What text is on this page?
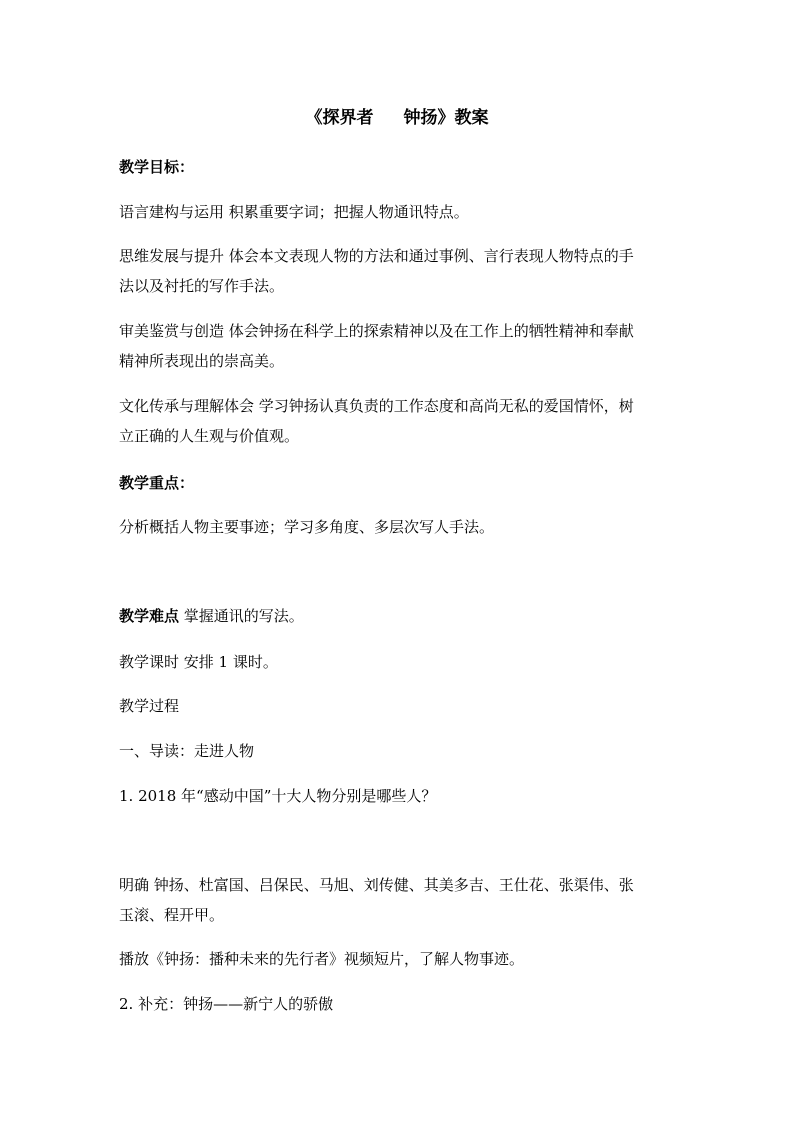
《探界者 钟扬》教案
教学目标：
语言建构与运用 积累重要字词；把握人物通讯特点。
思维发展与提升 体会本文表现人物的方法和通过事例、言行表现人物特点的手
法以及衬托的写作手法。
审美鉴赏与创造 体会钟扬在科学上的探索精神以及在工作上的牺牲精神和奉献
精神所表现出的崇高美。
文化传承与理解体会 学习钟扬认真负责的工作态度和高尚无私的爱国情怀，树
立正确的人生观与价值观。
教学重点：
分析概括人物主要事迹；学习多角度、多层次写人手法。
教学难点 掌握通讯的写法。
教学课时 安排 1 课时。
教学过程
一、导读：走进人物
1. 2018 年“感动中国”十大人物分别是哪些人？
明确 钟扬、杜富国、吕保民、马旭、刘传健、其美多吉、王仕花、张渠伟、张
玉滚、程开甲。
播放《钟扬：播种未来的先行者》视频短片，了解人物事迹。
2. 补充：钟扬——新宁人的骄傲
